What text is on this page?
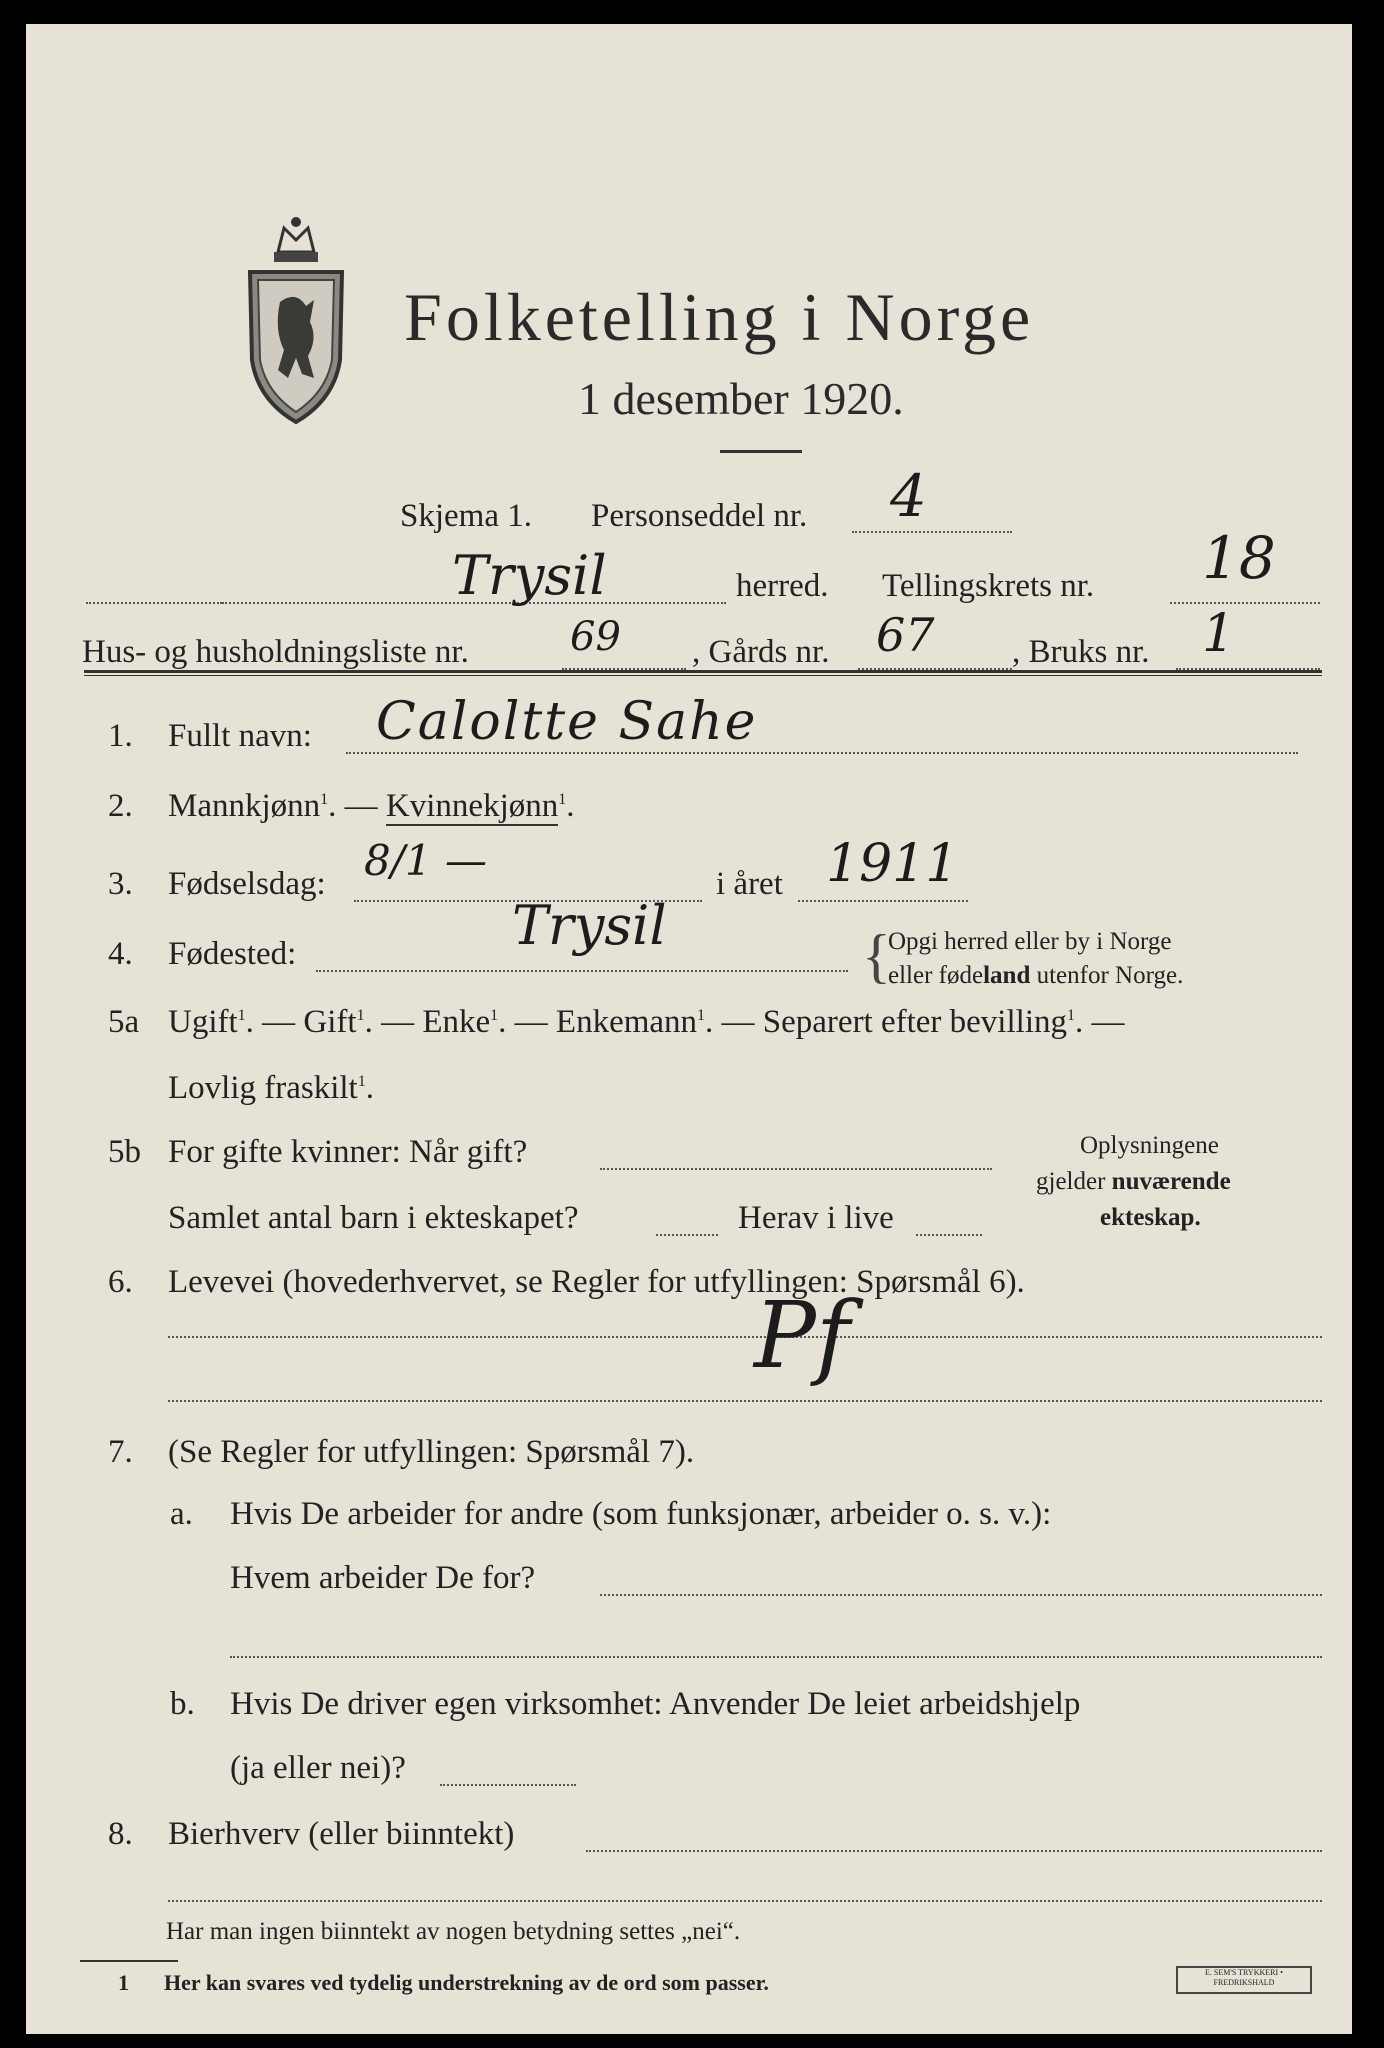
Folketelling i Norge
1 desember 1920.
Skjema 1. Personseddel nr. 4
Trysil	herred. Tellingskrets nr. 18
Hus- og husholdningsliste nr.	69 , Gårds nr. 67 , Bruks nr. 1
1. Fullt navn: Caloltte Sahe
2. Mannkjønn$^1$. — Kvinnekjønn$^1$.
3. Fødselsdag: 8/1 —	i året 1911
4. Fødested:	Trysil	{
Opgi herred eller by i Norge
eller fødeland utenfor Norge.
5a Ugift$^1$. — Gift$^1$. — Enke$^1$. — Enkemann$^1$. — Separert efter bevilling$^1$. —
Lovlig fraskilt$^1$.
5b For gifte kvinner: Når gift?
Samlet antal barn i ekteskapet?	Herav i live
Oplysningene
gjelder nuværende
ekteskap.
6. Levevei (hovederhvervet, se Regler for utfyllingen: Spørsmål 6).
Pf
7. (Se Regler for utfyllingen: Spørsmål 7).
a. Hvis De arbeider for andre (som funksjonær, arbeider o. s. v.):
Hvem arbeider De for?
b. Hvis De driver egen virksomhet: Anvender De leiet arbeidshjelp
(ja eller nei)?
8. Bierhverv (eller biinntekt)
Har man ingen biinntekt av nogen betydning settes „nei“.
1 Her kan svares ved tydelig understrekning av de ord som passer.	E. SEM'S TRYKKERI • FREDRIKSHALD
